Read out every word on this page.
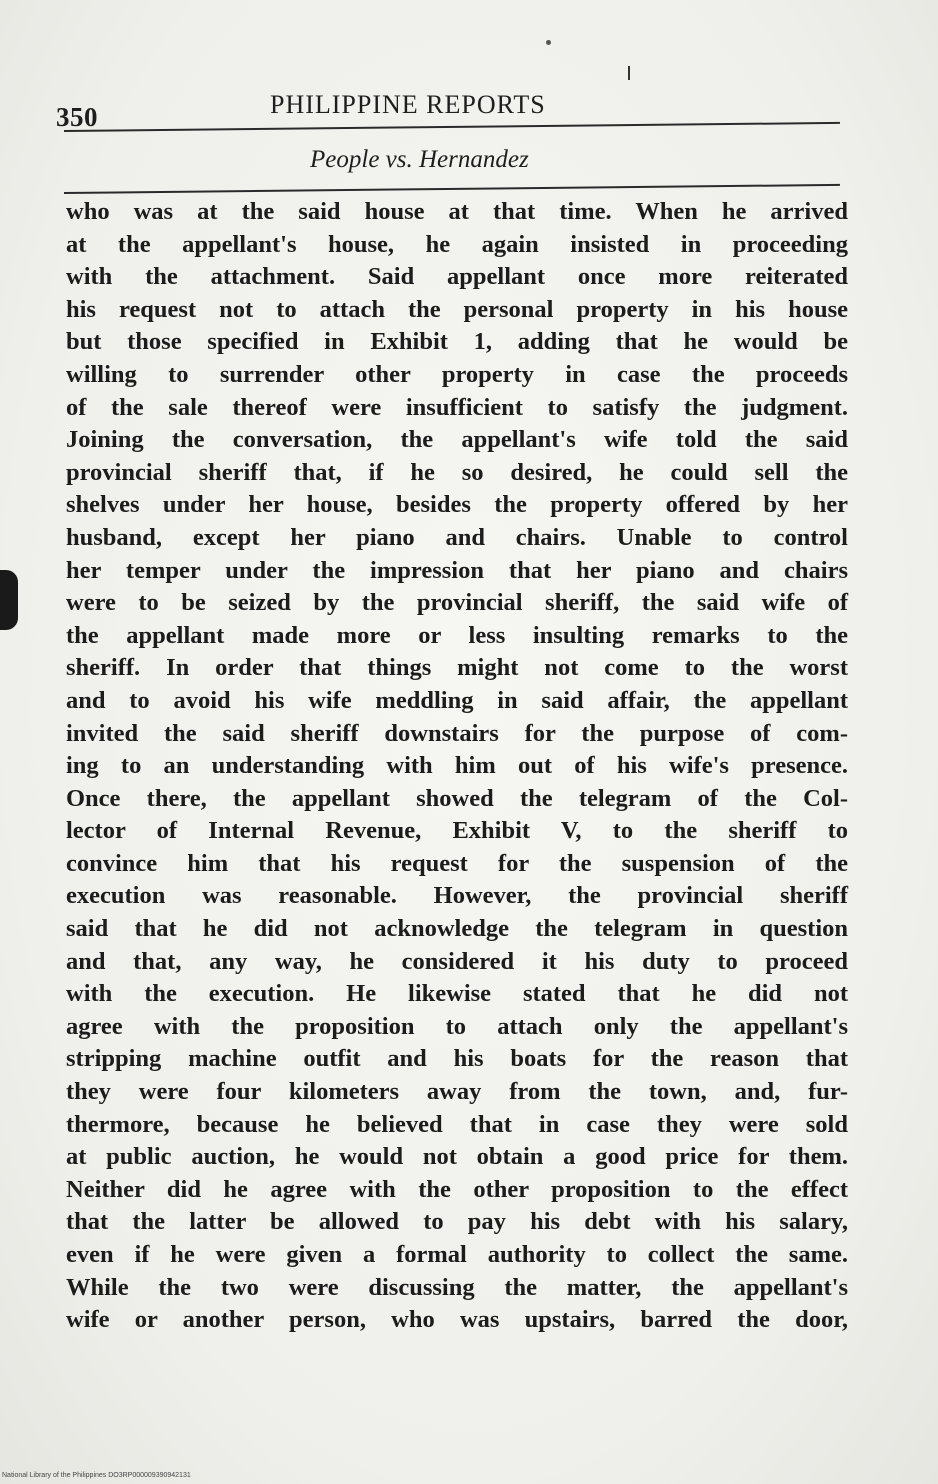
350	PHILIPPINE REPORTS
People vs. Hernandez
who was at the said house at that time. When he arrived
at the appellant's house, he again insisted in proceeding
with the attachment. Said appellant once more reiterated
his request not to attach the personal property in his house
but those specified in Exhibit 1, adding that he would be
willing to surrender other property in case the proceeds
of the sale thereof were insufficient to satisfy the judgment.
Joining the conversation, the appellant's wife told the said
provincial sheriff that, if he so desired, he could sell the
shelves under her house, besides the property offered by her
husband, except her piano and chairs. Unable to control
her temper under the impression that her piano and chairs
were to be seized by the provincial sheriff, the said wife of
the appellant made more or less insulting remarks to the
sheriff. In order that things might not come to the worst
and to avoid his wife meddling in said affair, the appellant
invited the said sheriff downstairs for the purpose of com-
ing to an understanding with him out of his wife's presence.
Once there, the appellant showed the telegram of the Col-
lector of Internal Revenue, Exhibit V, to the sheriff to
convince him that his request for the suspension of the
execution was reasonable. However, the provincial sheriff
said that he did not acknowledge the telegram in question
and that, any way, he considered it his duty to proceed
with the execution. He likewise stated that he did not
agree with the proposition to attach only the appellant's
stripping machine outfit and his boats for the reason that
they were four kilometers away from the town, and, fur-
thermore, because he believed that in case they were sold
at public auction, he would not obtain a good price for them.
Neither did he agree with the other proposition to the effect
that the latter be allowed to pay his debt with his salary,
even if he were given a formal authority to collect the same.
While the two were discussing the matter, the appellant's
wife or another person, who was upstairs, barred the door,
National Library of the Philippines DO3RP000009390942131
